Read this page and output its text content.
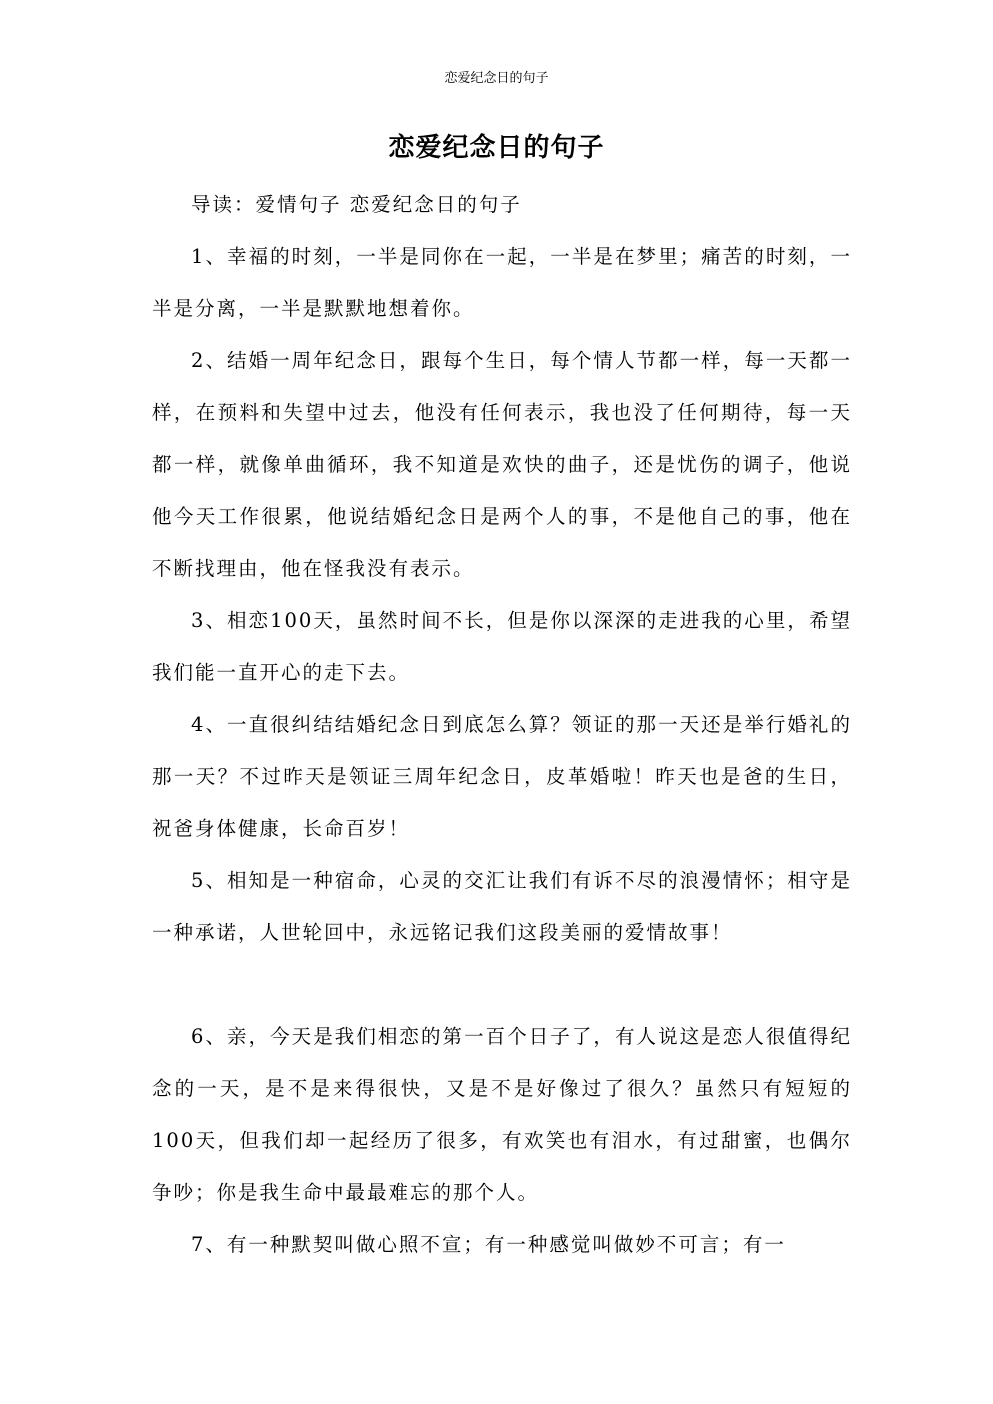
恋爱纪念日的句子
恋爱纪念日的句子

导读：爱情句子 恋爱纪念日的句子

1、幸福的时刻，一半是同你在一起，一半是在梦里；痛苦的时刻，一半是分离，一半是默默地想着你。

2、结婚一周年纪念日，跟每个生日，每个情人节都一样，每一天都一样，在预料和失望中过去，他没有任何表示，我也没了任何期待，每一天都一样，就像单曲循环，我不知道是欢快的曲子，还是忧伤的调子，他说他今天工作很累，他说结婚纪念日是两个人的事，不是他自己的事，他在不断找理由，他在怪我没有表示。

3、相恋100天，虽然时间不长，但是你以深深的走进我的心里，希望我们能一直开心的走下去。

4、一直很纠结结婚纪念日到底怎么算？领证的那一天还是举行婚礼的那一天？不过昨天是领证三周年纪念日，皮革婚啦！昨天也是爸的生日，祝爸身体健康，长命百岁！

5、相知是一种宿命，心灵的交汇让我们有诉不尽的浪漫情怀；相守是一种承诺，人世轮回中，永远铭记我们这段美丽的爱情故事！

6、亲，今天是我们相恋的第一百个日子了，有人说这是恋人很值得纪念的一天，是不是来得很快，又是不是好像过了很久？虽然只有短短的100天，但我们却一起经历了很多，有欢笑也有泪水，有过甜蜜，也偶尔争吵；你是我生命中最最难忘的那个人。

7、有一种默契叫做心照不宣；有一种感觉叫做妙不可言；有一
